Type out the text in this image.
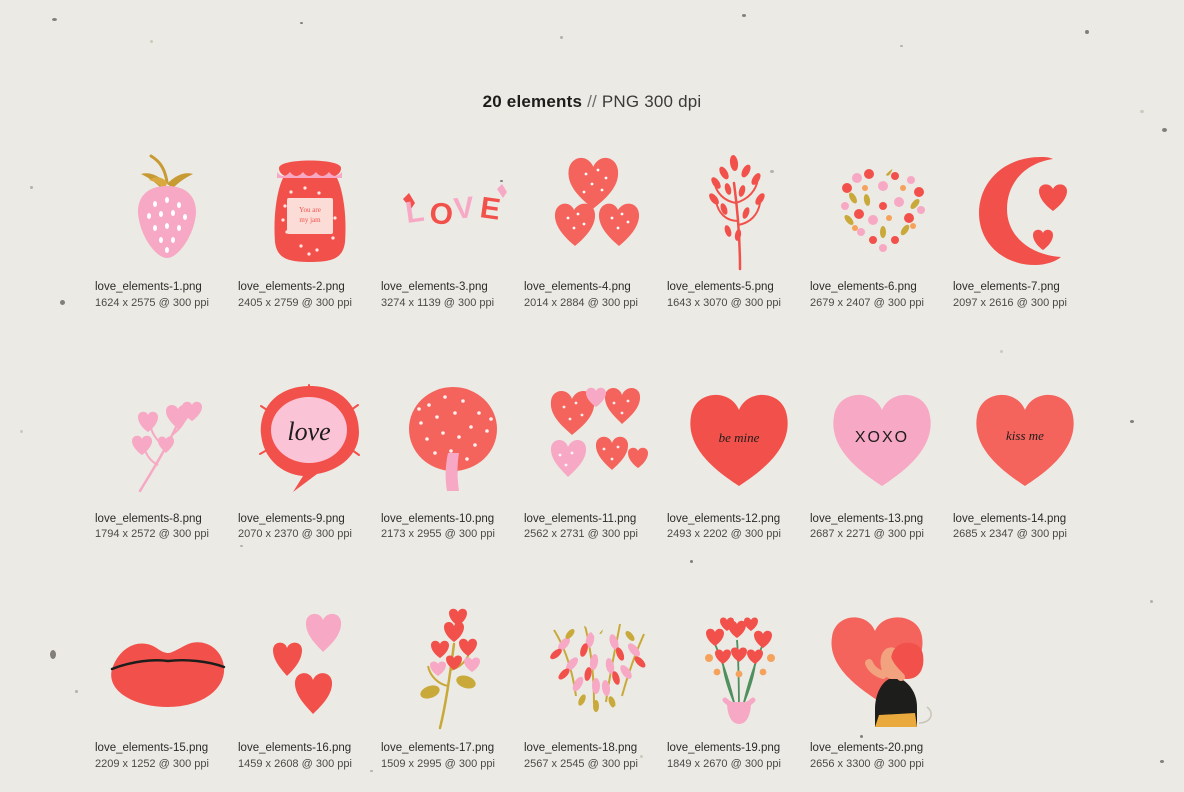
20 elements // PNG 300 dpi
love_elements-1.png
1624 x 2575 @ 300 ppi
You are
my jam
love_elements-2.png
2405 x 2759 @ 300 ppi
L O
V E
love_elements-3.png
3274 x 1139 @ 300 ppi
love_elements-4.png
2014 x 2884 @ 300 ppi
love_elements-5.png
1643 x 3070 @ 300 ppi
love_elements-6.png
2679 x 2407 @ 300 ppi
love_elements-7.png
2097 x 2616 @ 300 ppi
love_elements-8.png
1794 x 2572 @ 300 ppi
love
love_elements-9.png
2070 x 2370 @ 300 ppi
love_elements-10.png
2173 x 2955 @ 300 ppi
love_elements-11.png
2562 x 2731 @ 300 ppi
be mine
love_elements-12.png
2493 x 2202 @ 300 ppi
XOXO
love_elements-13.png
2687 x 2271 @ 300 ppi
kiss me
love_elements-14.png
2685 x 2347 @ 300 ppi
love_elements-15.png
2209 x 1252 @ 300 ppi
love_elements-16.png
1459 x 2608 @ 300 ppi
love_elements-17.png
1509 x 2995 @ 300 ppi
love_elements-18.png
2567 x 2545 @ 300 ppi
love_elements-19.png
1849 x 2670 @ 300 ppi
love_elements-20.png
2656 x 3300 @ 300 ppi
